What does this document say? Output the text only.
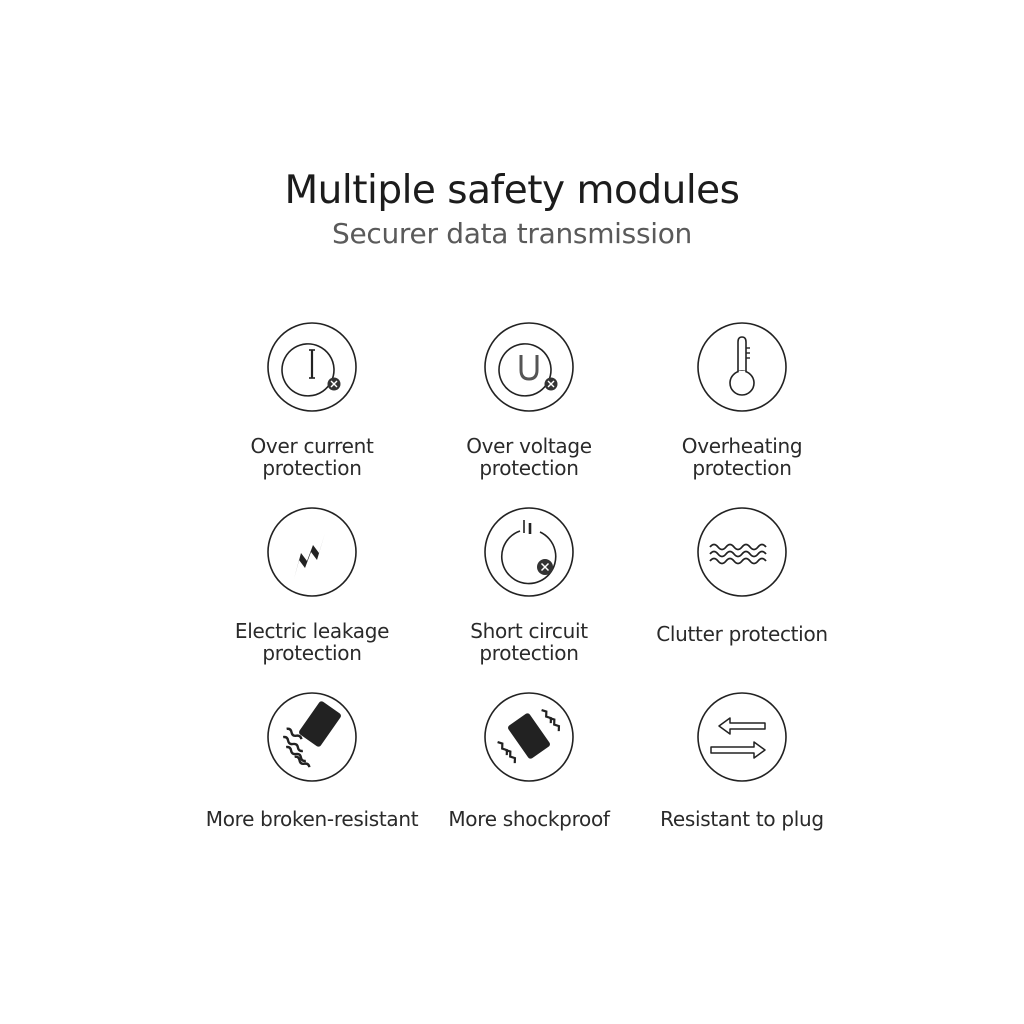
Multiple safety modules
Securer data transmission
Over current
protection
Over voltage
protection
Overheating
protection
Electric leakage
protection
Short circuit
protection
Clutter protection
More broken-resistant	More shockproof	Resistant to plug
